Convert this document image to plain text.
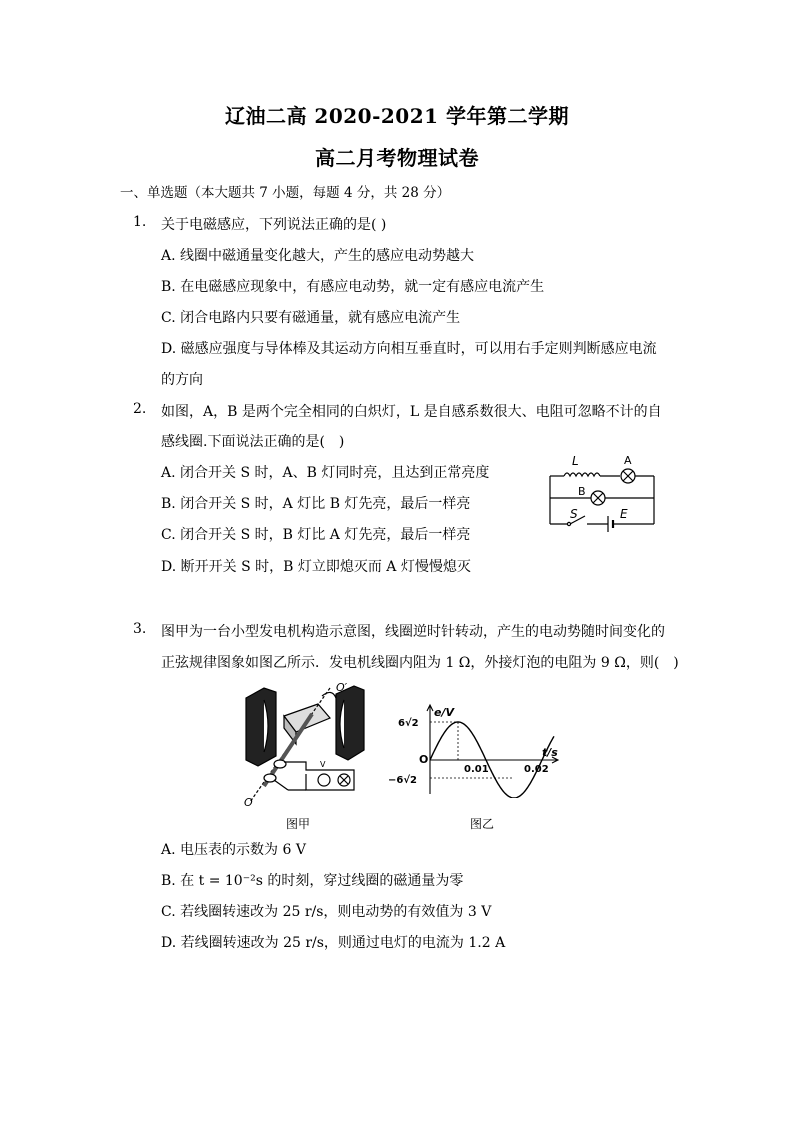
辽油二高 2020-2021 学年第二学期
高二月考物理试卷
一、单选题（本大题共 7 小题，每题 4 分，共 28 分）
1. 关于电磁感应，下列说法正确的是( )
A. 线圈中磁通量变化越大，产生的感应电动势越大
B. 在电磁感应现象中，有感应电动势，就一定有感应电流产生
C. 闭合电路内只要有磁通量，就有感应电流产生
D. 磁感应强度与导体棒及其运动方向相互垂直时，可以用右手定则判断感应电流
的方向
2. 如图，A，B 是两个完全相同的白炽灯，L 是自感系数很大、电阻可忽略不计的自
感线圈.下面说法正确的是(　)
A. 闭合开关 S 时，A、B 灯同时亮，且达到正常亮度
B. 闭合开关 S 时，A 灯比 B 灯先亮，最后一样亮
C. 闭合开关 S 时，B 灯比 A 灯先亮，最后一样亮
D. 断开开关 S 时，B 灯立即熄灭而 A 灯慢慢熄灭
L	A
B
S	E
3. 图甲为一台小型发电机构造示意图，线圈逆时针转动，产生的电动势随时间变化的
正弦规律图象如图乙所示．发电机线圈内阻为 1 Ω，外接灯泡的电阻为 9 Ω，则(　)
V
O′
O
e/V
t/s
O
6√2
−6√2
0.01	0.02
图甲	图乙
A. 电压表的示数为 6 V
B. 在 t = 10⁻²s 的时刻，穿过线圈的磁通量为零
C. 若线圈转速改为 25 r/s，则电动势的有效值为 3 V
D. 若线圈转速改为 25 r/s，则通过电灯的电流为 1.2 A
